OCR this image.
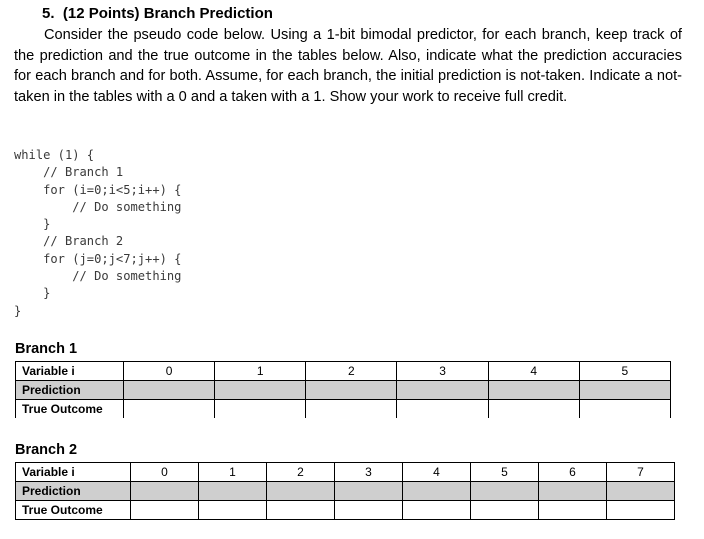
5. (12 Points) Branch Prediction
Consider the pseudo code below. Using a 1-bit bimodal predictor, for each branch, keep track of the prediction and the true outcome in the tables below. Also, indicate what the prediction accuracies for each branch and for both. Assume, for each branch, the initial prediction is not-taken. Indicate a not-taken in the tables with a 0 and a taken with a 1. Show your work to receive full credit.
while (1) {
// Branch 1
for (i=0;i<5;i++) {
// Do something
}
// Branch 2
for (j=0;j<7;j++) {
// Do something
}
}
Branch 1
Variable i	0	1	2	3	4	5
Prediction						
True Outcome						
Branch 2
Variable i	0	1	2	3	4	5	6	7
Prediction								
True Outcome								
